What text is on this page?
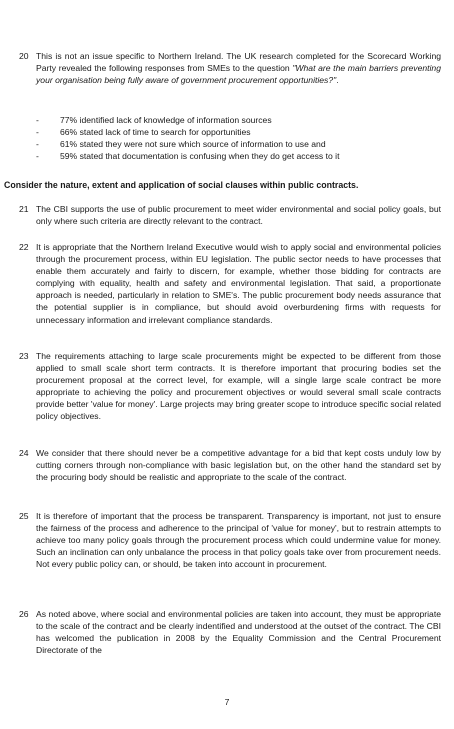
20 This is not an issue specific to Northern Ireland. The UK research completed for the Scorecard Working Party revealed the following responses from SMEs to the question "What are the main barriers preventing your organisation being fully aware of government procurement opportunities?".
- 77% identified lack of knowledge of information sources
- 66% stated lack of time to search for opportunities
- 61% stated they were not sure which source of information to use and
- 59% stated that documentation is confusing when they do get access to it
Consider the nature, extent and application of social clauses within public contracts.
21 The CBI supports the use of public procurement to meet wider environmental and social policy goals, but only where such criteria are directly relevant to the contract.
22 It is appropriate that the Northern Ireland Executive would wish to apply social and environmental policies through the procurement process, within EU legislation. The public sector needs to have processes that enable them accurately and fairly to discern, for example, whether those bidding for contracts are complying with equality, health and safety and environmental legislation. That said, a proportionate approach is needed, particularly in relation to SME's. The public procurement body needs assurance that the potential supplier is in compliance, but should avoid overburdening firms with requests for unnecessary information and irrelevant compliance standards.
23 The requirements attaching to large scale procurements might be expected to be different from those applied to small scale short term contracts. It is therefore important that procuring bodies set the procurement proposal at the correct level, for example, will a single large scale contract be more appropriate to achieving the policy and procurement objectives or would several small scale contracts provide better 'value for money'. Large projects may bring greater scope to introduce specific social related policy objectives.
24 We consider that there should never be a competitive advantage for a bid that kept costs unduly low by cutting corners through non-compliance with basic legislation but, on the other hand the standard set by the procuring body should be realistic and appropriate to the scale of the contract.
25 It is therefore of important that the process be transparent. Transparency is important, not just to ensure the fairness of the process and adherence to the principal of 'value for money', but to restrain attempts to achieve too many policy goals through the procurement process which could undermine value for money. Such an inclination can only unbalance the process in that policy goals take over from procurement needs. Not every public policy can, or should, be taken into account in procurement.
26 As noted above, where social and environmental policies are taken into account, they must be appropriate to the scale of the contract and be clearly indentified and understood at the outset of the contract. The CBI has welcomed the publication in 2008 by the Equality Commission and the Central Procurement Directorate of the
7
